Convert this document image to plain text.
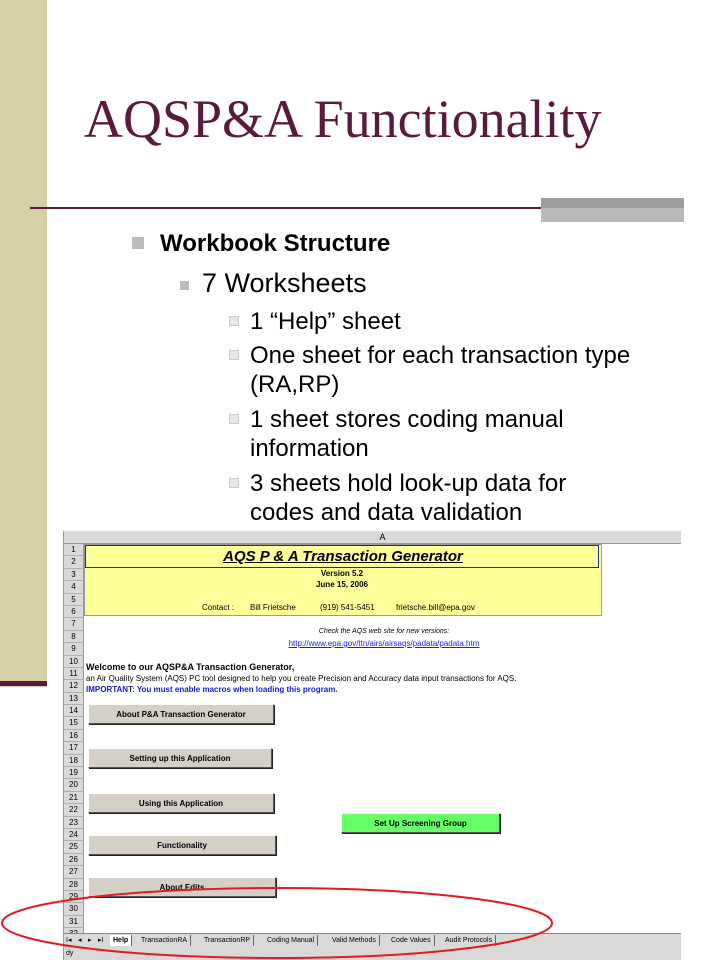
AQSP&A Functionality
Workbook Structure
7 Worksheets
1 “Help” sheet
One sheet for each transaction type
(RA,RP)
1 sheet stores coding manual
information
3 sheets hold look-up data for
codes and data validation
A
1
2
3
4
5
6
7
8
9
10
11
12
13
14
15
16
17
18
19
20
21
22
23
24
25
26
27
28
29
30
31
AQS P & A Transaction Generator
Version 5.2
June 15, 2006
Contact : Bill Frietsche	(919) 541-5451	frietsche.bill@epa.gov
Check the AQS web site for new versions:
http://www.epa.gov/ttn/airs/airsaqs/padata/padata.htm
Welcome to our AQSP&A Transaction Generator,
an Air Quality System (AQS) PC tool designed to help you create Precision and Accuracy data input transactions for AQS.
IMPORTANT: You must enable macros when loading this program.
About P&A Transaction Generator
Setting up this Application
Using this Application
Functionality
About Edits
Set Up Screening Group
I◂ ◂ ▸ ▸I	Help	TransactionRA	TransactionRP	Coding Manual	Valid Methods	Code Values	Audit Protocols
dy
